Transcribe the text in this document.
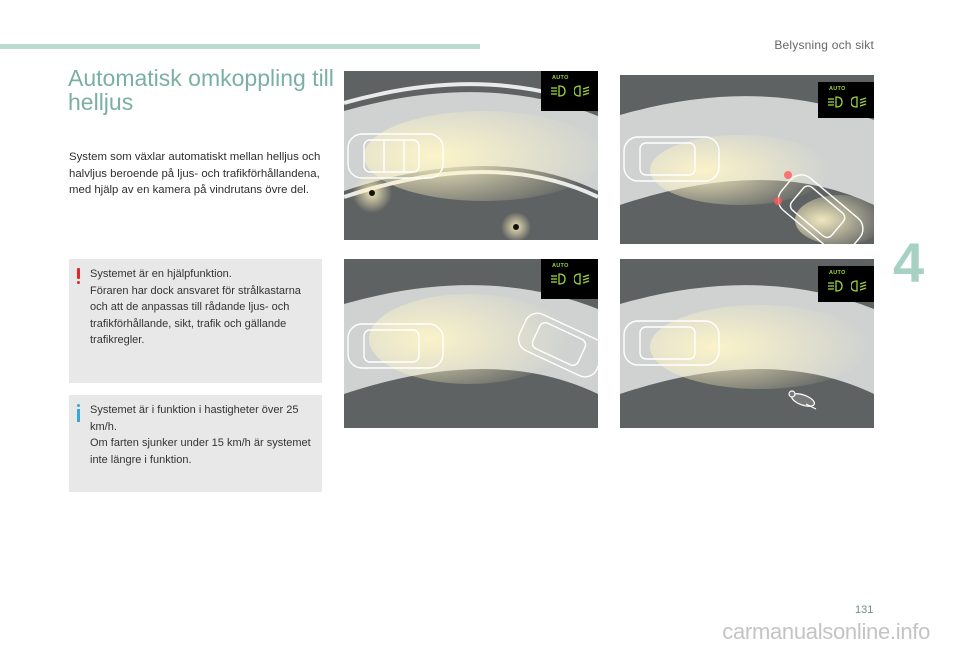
Belysning och sikt
4
Automatisk omkoppling till helljus

System som växlar automatiskt mellan helljus och halvljus beroende på ljus- och trafikförhållandena, med hjälp av en kamera på vindrutans övre del.

Systemet är en hjälpfunktion.
Föraren har dock ansvaret för strålkastarna och att de anpassas till rådande ljus- och trafikförhållande, sikt, trafik och gällande trafikregler.

Systemet är i funktion i hastigheter över 25 km/h.
Om farten sjunker under 15 km/h är systemet inte längre i funktion.

AUTO
AUTO
AUTO
AUTO
131
carmanualsonline.info
